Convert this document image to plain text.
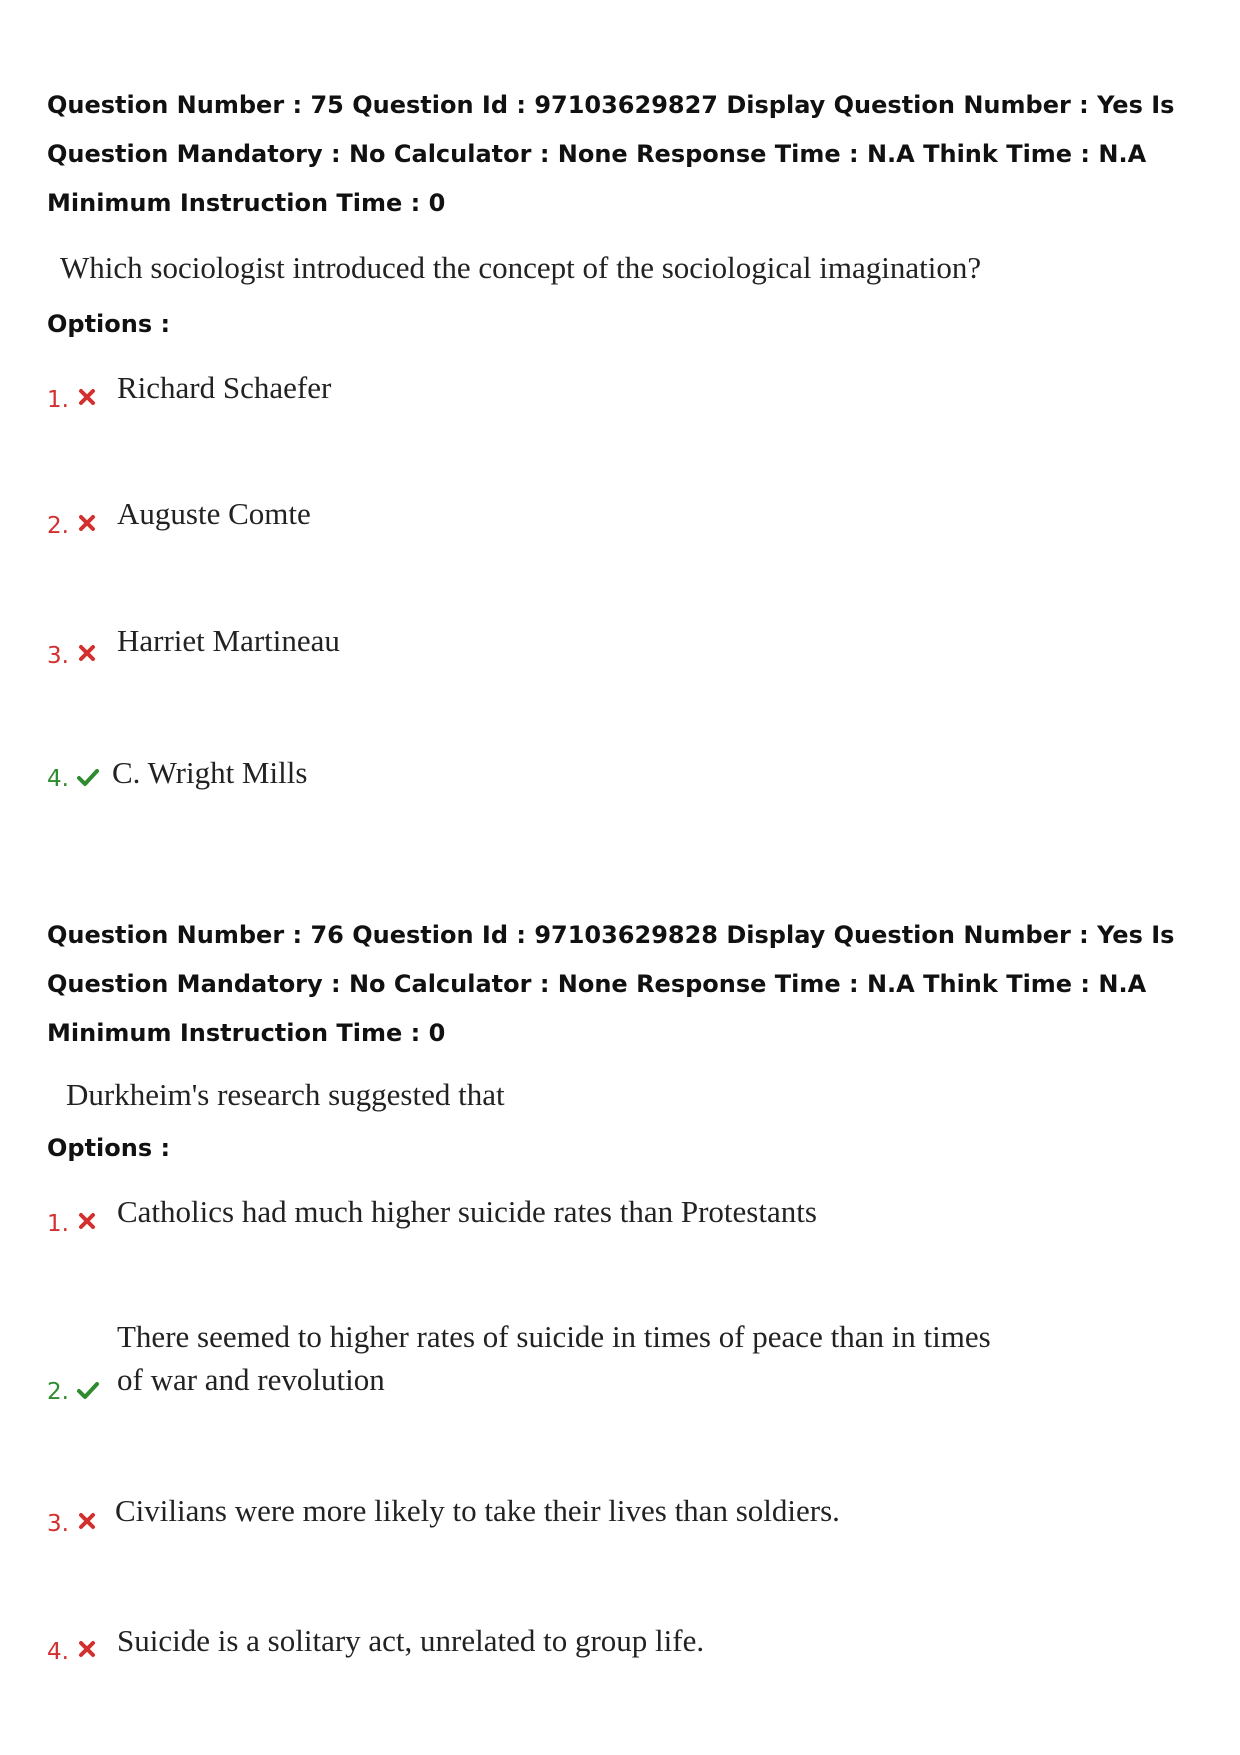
Question Number : 75 Question Id : 97103629827 Display Question Number : Yes Is Question Mandatory : No Calculator : None Response Time : N.A Think Time : N.A Minimum Instruction Time : 0
Which sociologist introduced the concept of the sociological imagination?
Options :
1. Richard Schaefer
2. Auguste Comte
3. Harriet Martineau
4. C. Wright Mills
Question Number : 76 Question Id : 97103629828 Display Question Number : Yes Is Question Mandatory : No Calculator : None Response Time : N.A Think Time : N.A Minimum Instruction Time : 0
Durkheim's research suggested that
Options :
1. Catholics had much higher suicide rates than Protestants
2.
There seemed to higher rates of suicide in times of peace than in times of war and revolution
3. Civilians were more likely to take their lives than soldiers.
4. Suicide is a solitary act, unrelated to group life.
